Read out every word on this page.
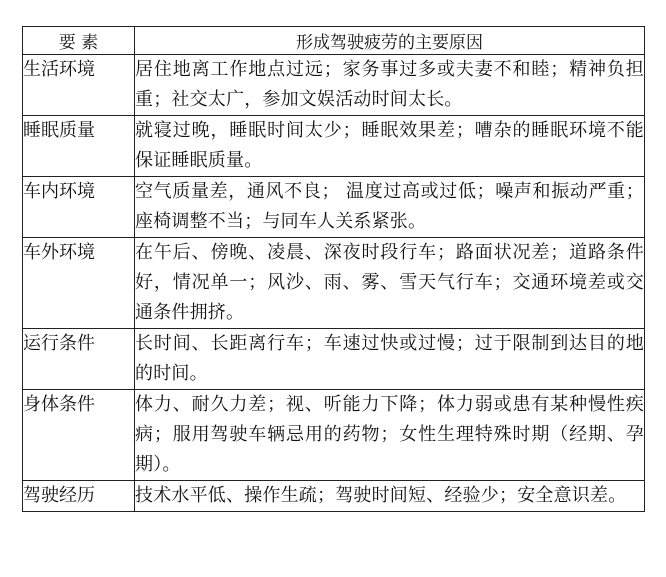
要 素	形成驾驶疲劳的主要原因
生活环境	居住地离工作地点过远；家务事过多或夫妻不和睦；精神负担重；社交太广，参加文娱活动时间太长。
睡眠质量	就寝过晚，睡眠时间太少；睡眠效果差；嘈杂的睡眠环境不能保证睡眠质量。
车内环境	空气质量差，通风不良； 温度过高或过低；噪声和振动严重；座椅调整不当；与同车人关系紧张。
车外环境	在午后、傍晚、凌晨、深夜时段行车；路面状况差；道路条件好，情况单一；风沙、雨、雾、雪天气行车；交通环境差或交通条件拥挤。
运行条件	长时间、长距离行车；车速过快或过慢；过于限制到达目的地的时间。
身体条件	体力、耐久力差；视、听能力下降；体力弱或患有某种慢性疾病；服用驾驶车辆忌用的药物；女性生理特殊时期（经期、孕期）。
驾驶经历	技术水平低、操作生疏；驾驶时间短、经验少；安全意识差。
